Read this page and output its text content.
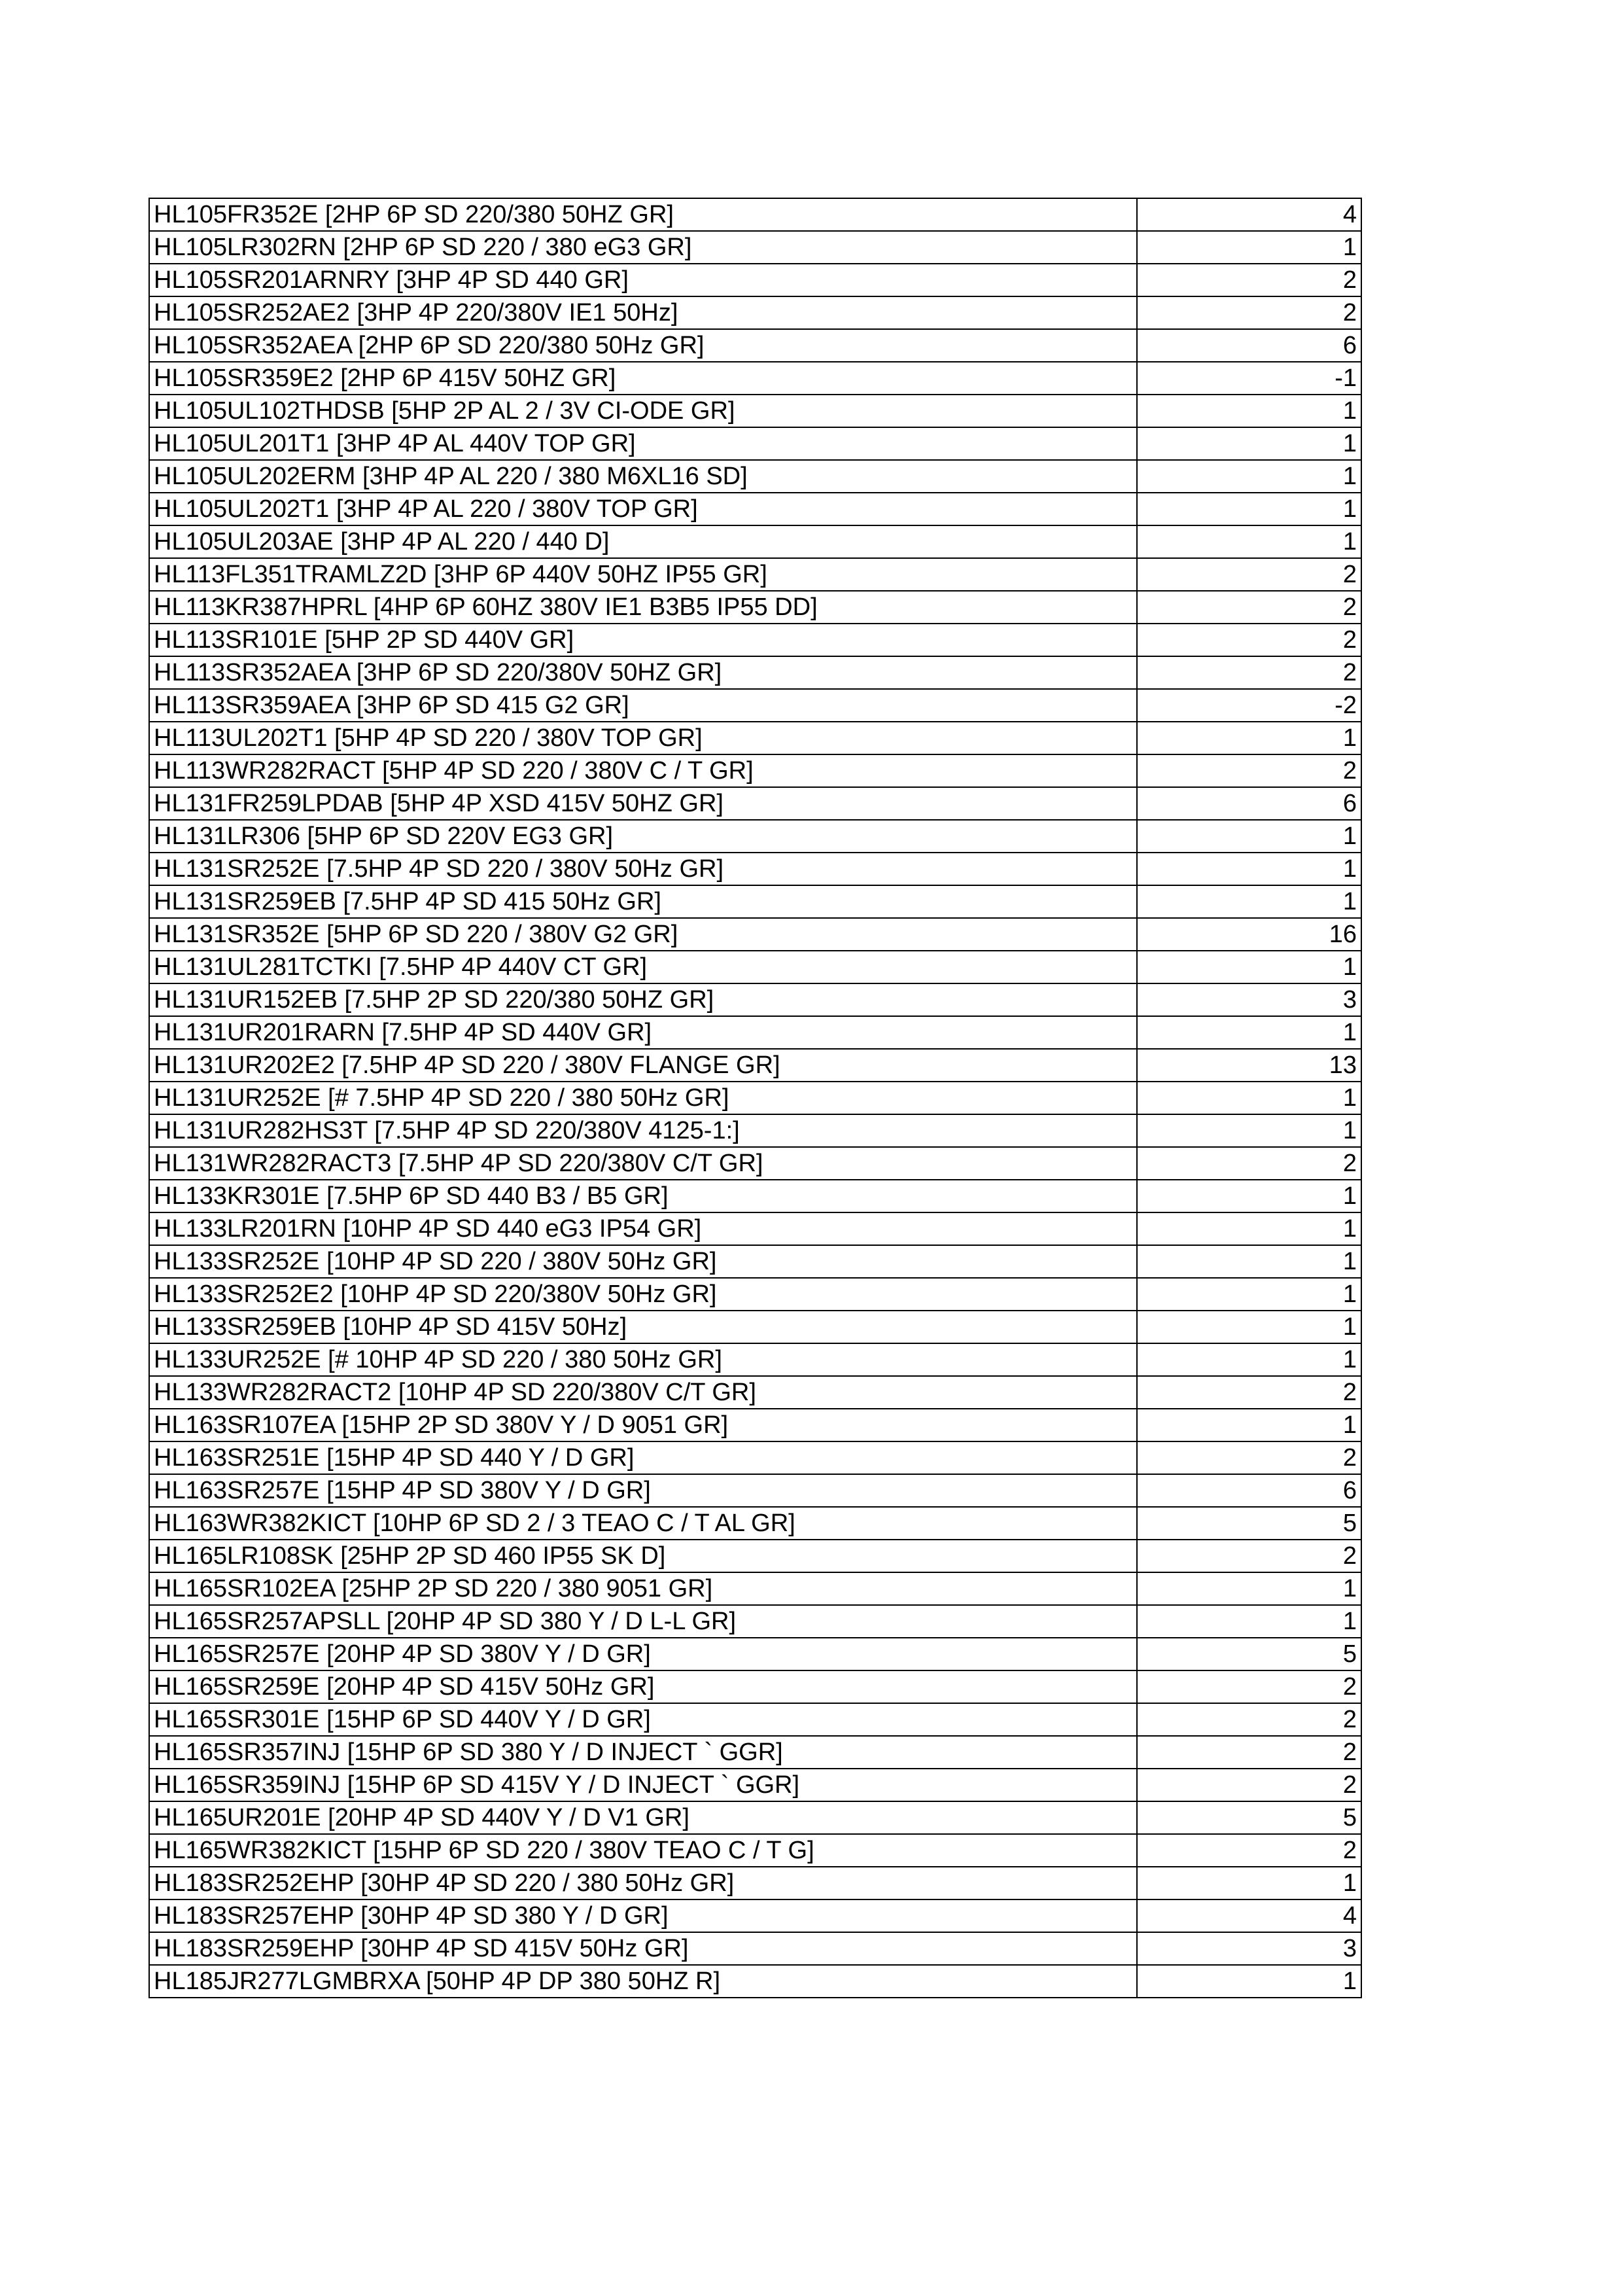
HL105FR352E [2HP 6P SD 220/380 50HZ GR]	4
HL105LR302RN [2HP 6P SD 220 / 380 eG3 GR]	1
HL105SR201ARNRY [3HP 4P SD 440 GR]	2
HL105SR252AE2 [3HP 4P 220/380V IE1 50Hz]	2
HL105SR352AEA [2HP 6P SD 220/380 50Hz GR]	6
HL105SR359E2 [2HP 6P 415V 50HZ GR]	-1
HL105UL102THDSB [5HP 2P AL 2 / 3V CI-ODE GR]	1
HL105UL201T1 [3HP 4P AL 440V TOP GR]	1
HL105UL202ERM [3HP 4P AL 220 / 380 M6XL16 SD]	1
HL105UL202T1 [3HP 4P AL 220 / 380V TOP GR]	1
HL105UL203AE [3HP 4P AL 220 / 440 D]	1
HL113FL351TRAMLZ2D [3HP 6P 440V 50HZ IP55 GR]	2
HL113KR387HPRL [4HP 6P 60HZ 380V IE1 B3B5 IP55 DD]	2
HL113SR101E [5HP 2P SD 440V GR]	2
HL113SR352AEA [3HP 6P SD 220/380V 50HZ GR]	2
HL113SR359AEA [3HP 6P SD 415 G2 GR]	-2
HL113UL202T1 [5HP 4P SD 220 / 380V TOP GR]	1
HL113WR282RACT [5HP 4P SD 220 / 380V C / T GR]	2
HL131FR259LPDAB [5HP 4P XSD 415V 50HZ GR]	6
HL131LR306 [5HP 6P SD 220V EG3 GR]	1
HL131SR252E [7.5HP 4P SD 220 / 380V 50Hz GR]	1
HL131SR259EB [7.5HP 4P SD 415 50Hz GR]	1
HL131SR352E [5HP 6P SD 220 / 380V G2 GR]	16
HL131UL281TCTKI [7.5HP 4P 440V CT GR]	1
HL131UR152EB [7.5HP 2P SD 220/380 50HZ GR]	3
HL131UR201RARN [7.5HP 4P SD 440V GR]	1
HL131UR202E2 [7.5HP 4P SD 220 / 380V FLANGE GR]	13
HL131UR252E [# 7.5HP 4P SD 220 / 380 50Hz GR]	1
HL131UR282HS3T [7.5HP 4P SD 220/380V 4125-1:]	1
HL131WR282RACT3 [7.5HP 4P SD 220/380V C/T GR]	2
HL133KR301E [7.5HP 6P SD 440 B3 / B5 GR]	1
HL133LR201RN [10HP 4P SD 440 eG3 IP54 GR]	1
HL133SR252E [10HP 4P SD 220 / 380V 50Hz GR]	1
HL133SR252E2 [10HP 4P SD 220/380V 50Hz GR]	1
HL133SR259EB [10HP 4P SD 415V 50Hz]	1
HL133UR252E [# 10HP 4P SD 220 / 380 50Hz GR]	1
HL133WR282RACT2 [10HP 4P SD 220/380V C/T GR]	2
HL163SR107EA [15HP 2P SD 380V Y / D 9051 GR]	1
HL163SR251E [15HP 4P SD 440 Y / D GR]	2
HL163SR257E [15HP 4P SD 380V Y / D GR]	6
HL163WR382KICT [10HP 6P SD 2 / 3 TEAO C / T AL GR]	5
HL165LR108SK [25HP 2P SD 460 IP55 SK D]	2
HL165SR102EA [25HP 2P SD 220 / 380 9051 GR]	1
HL165SR257APSLL [20HP 4P SD 380 Y / D L-L GR]	1
HL165SR257E [20HP 4P SD 380V Y / D GR]	5
HL165SR259E [20HP 4P SD 415V 50Hz GR]	2
HL165SR301E [15HP 6P SD 440V Y / D GR]	2
HL165SR357INJ [15HP 6P SD 380 Y / D INJECT ` GGR]	2
HL165SR359INJ [15HP 6P SD 415V Y / D INJECT ` GGR]	2
HL165UR201E [20HP 4P SD 440V Y / D V1 GR]	5
HL165WR382KICT [15HP 6P SD 220 / 380V TEAO C / T G]	2
HL183SR252EHP [30HP 4P SD 220 / 380 50Hz GR]	1
HL183SR257EHP [30HP 4P SD 380 Y / D GR]	4
HL183SR259EHP [30HP 4P SD 415V 50Hz GR]	3
HL185JR277LGMBRXA [50HP 4P DP 380 50HZ R]	1
